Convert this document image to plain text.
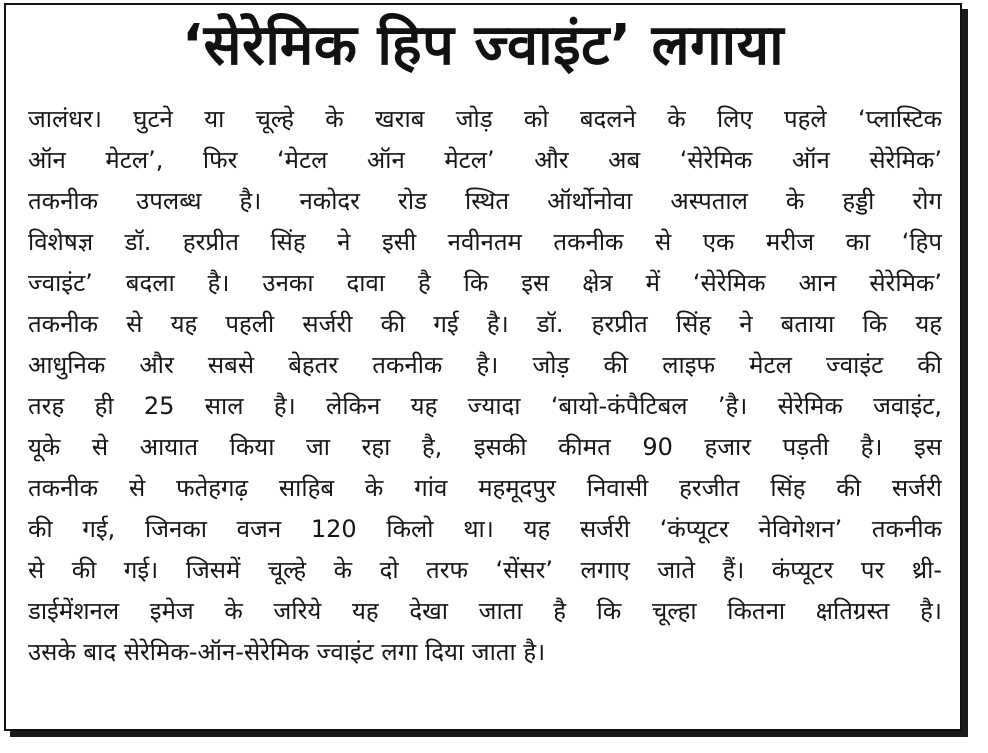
‘सेरेमिक हिप ज्वाइंट’ लगाया
जालंधर। घुटने या चूल्हे के खराब जोड़ को बदलने के लिए पहले ‘प्लास्टिक
ऑन मेटल’, फिर ‘मेटल ऑन मेटल’ और अब ‘सेरेमिक ऑन सेरेमिक’
तकनीक उपलब्ध है। नकोदर रोड स्थित ऑर्थोनोवा अस्पताल के हड्डी रोग
विशेषज्ञ डॉ. हरप्रीत सिंह ने इसी नवीनतम तकनीक से एक मरीज का ‘हिप
ज्वाइंट’ बदला है। उनका दावा है कि इस क्षेत्र में ‘सेरेमिक आन सेरेमिक’
तकनीक से यह पहली सर्जरी की गई है। डॉ. हरप्रीत सिंह ने बताया कि यह
आधुनिक और सबसे बेहतर तकनीक है। जोड़ की लाइफ मेटल ज्वाइंट की
तरह ही 25 साल है। लेकिन यह ज्यादा ‘बायो-कंपैटिबल ’है। सेरेमिक जवाइंट,
यूके से आयात किया जा रहा है, इसकी कीमत 90 हजार पड़ती है। इस
तकनीक से फतेहगढ़ साहिब के गांव महमूदपुर निवासी हरजीत सिंह की सर्जरी
की गई, जिनका वजन 120 किलो था। यह सर्जरी ‘कंप्यूटर नेविगेशन’ तकनीक
से की गई। जिसमें चूल्हे के दो तरफ ‘सेंसर’ लगाए जाते हैं। कंप्यूटर पर थ्री-
डाईमेंशनल इमेज के जरिये यह देखा जाता है कि चूल्हा कितना क्षतिग्रस्त है।
उसके बाद सेरेमिक-ऑन-सेरेमिक ज्वाइंट लगा दिया जाता है।
